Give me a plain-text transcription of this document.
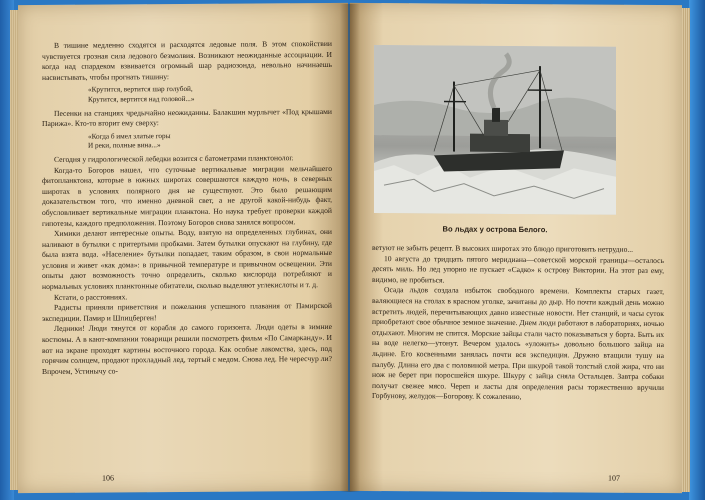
В тишине медленно сходятся и расходятся ледовые поля. В этом спокойствии чувствуется грозная сила ледового безмолвия. Возникают неожиданные ассоциации. И когда над спардеком взвивается огромный шар радиозонда, невольно начинаешь насвистывать, чтобы прогнать тишину:

«Крутится, вертится шар голубой,
Крутится, вертится над головой...»

Песенки на станциях чредычайно неожиданны. Балакшин мурлычет «Под крышами Парижа». Кто-то вторит ему сверху:

«Когда б имел златые горы
И реки, полные вина...»

Сегодня у гидрологической лебедки возится с батометрами планктонолог.

Когда-то Богоров нашел, что суточные вертикальные миграции мельчайшего фитопланктона, которые в южных широтах совершаются каждую ночь, в северных широтах в условиях полярного дня не существуют. Это было решающим доказательством того, что именно дневной свет, а не другой какой-нибудь факт, обусловливает вертикальные миграции планктона. Но наука требует проверки каждой гипотезы, каждого предположения. Поэтому Богоров снова занялся вопросом.

Химики делают интересные опыты. Воду, взятую на определенных глубинах, они наливают в бутылки с притертыми пробками. Затем бутылки опускают на глубину, где была взята вода. «Население» бутылки попадает, таким образом, в свои нормальные условия и живет «как дома»: в привычной температуре и привычном освещении. Эти опыты дают возможность точно определить, сколько кислорода потребляют и нормальных условиях планктонные обитатели, сколько выделяют углекислоты и т. д.

Кстати, о расстояниях.

Радисты приняли приветствия и пожелания успешного плавания от Памирской экспедиции. Памир и Шпицберген!

Ледники! Люди тянутся от корабля до самого горизонта. Люди одеты в зимние костюмы. А в кают-компании товарищи решили посмотреть фильм «По Самарканду». И вот на экране проходят картины восточного города. Как особые лакомства, здесь, под горячим солнцем, продают прохладный лед, тертый с медом. Снова лед. Не чересчур ли? Впрочем, Устинычу со-

106
Во льдах у острова Белого.

ветуют не забыть рецепт. В высоких широтах это блюдо приготовить нетрудно...

10 августа до тридцать пятого меридиана—советской морской границы—осталось десять миль. Но лед упорно не пускает «Садко» к острову Виктории. На этот раз ему, видимо, не пробиться.

Осада льдов создала избыток свободного времени. Комплекты старых газет, валяющиеся на столах в красном уголке, зачитаны до дыр. Но почти каждый день можно встретить людей, перечитывающих давно известные новости. Нет станций, и часы суток приобретают свое обычное земное значение. Днем люди работают в лабораториях, ночью отдыхают. Многим не спится. Морские зайцы стали часто показываться у борта. Быть их на воде нелегко—утонут. Вечером удалось «уложить» довольно большого зайца на льдине. Его косвенными занялась почти вся экспедиция. Дружно втащили тушу на палубу. Длина его два с половиной метра. При шкурой такой толстый слой жира, что ни нож не берет при поросшейся шкуре. Шкуру с зайца сняла Остальцев. Завтра собаки получат свежее мясо. Череп и ласты для определения расы торжественно вручили Горбунову, желудок—Богорову. К сожалению,

107
